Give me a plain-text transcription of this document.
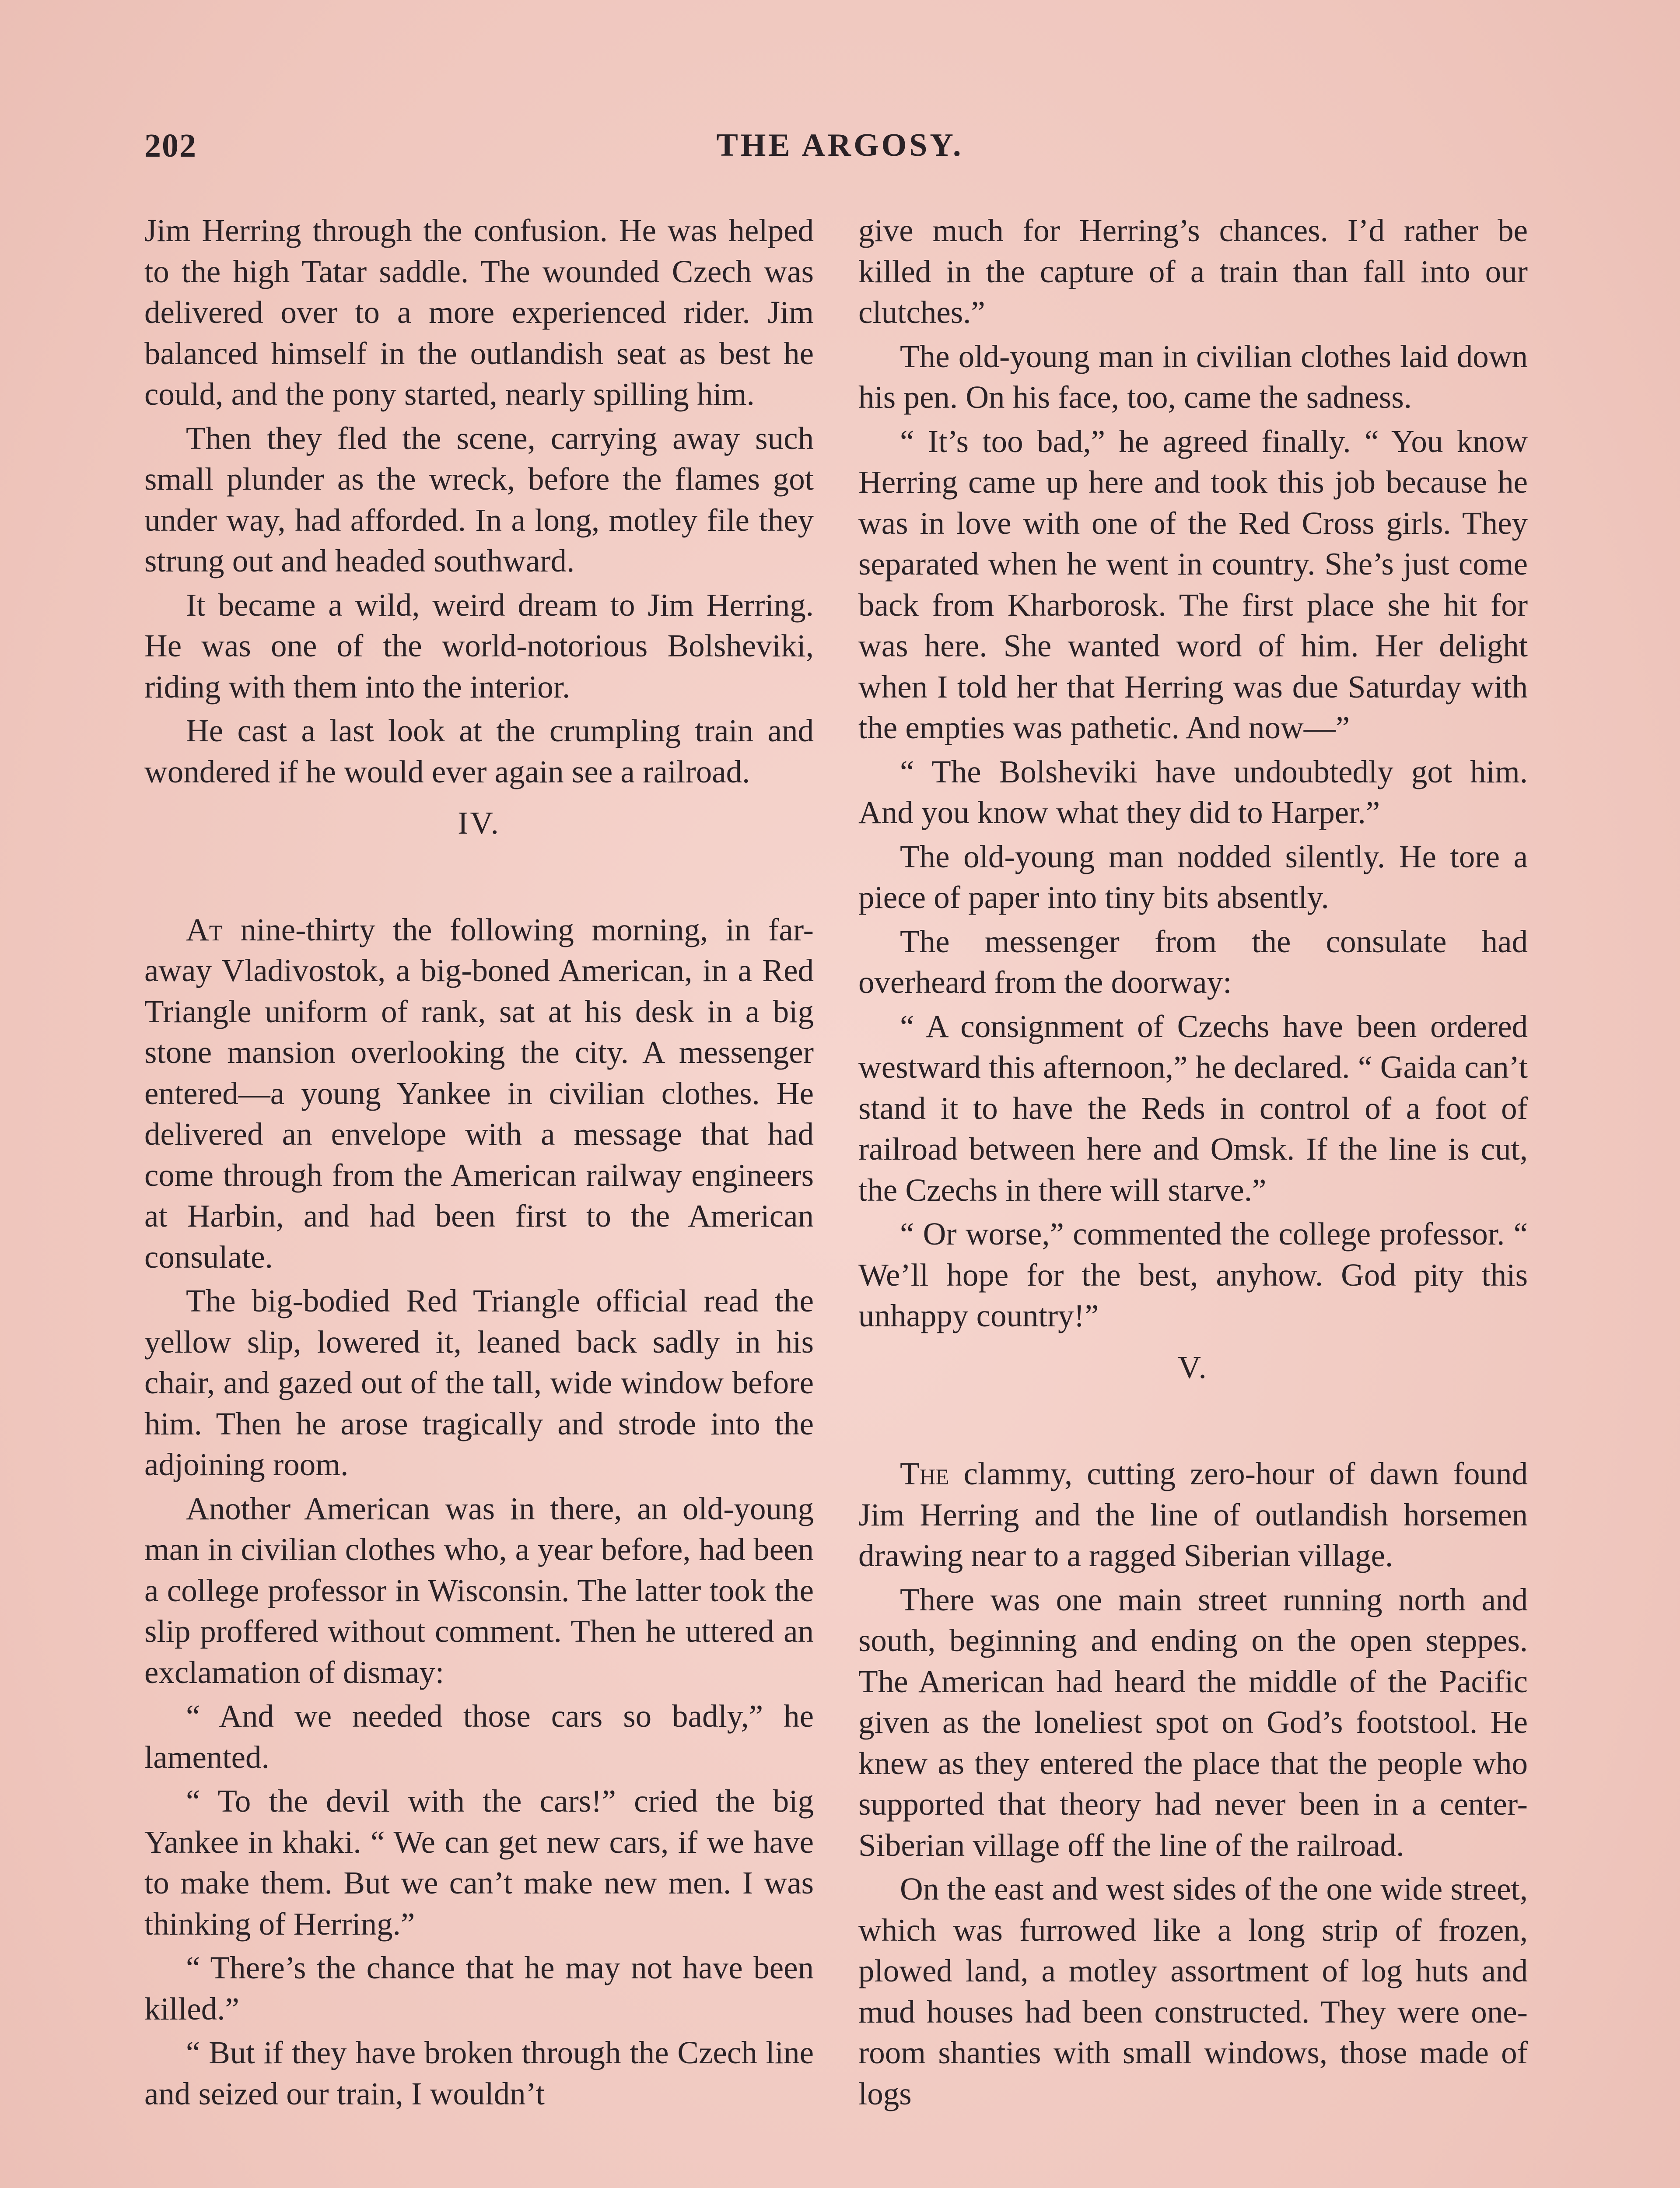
202	THE ARGOSY.

Jim Herring through the confusion. He was helped to the high Tatar saddle. The wounded Czech was delivered over to a more experienced rider. Jim balanced himself in the outlandish seat as best he could, and the pony started, nearly spilling him.

Then they fled the scene, carrying away such small plunder as the wreck, before the flames got under way, had afforded. In a long, motley file they strung out and headed southward.

It became a wild, weird dream to Jim Herring. He was one of the world-notorious Bolsheviki, riding with them into the interior.

He cast a last look at the crumpling train and wondered if he would ever again see a railroad.

IV.

At nine-thirty the following morning, in far-away Vladivostok, a big-boned American, in a Red Triangle uniform of rank, sat at his desk in a big stone mansion overlooking the city. A messenger entered—a young Yankee in civilian clothes. He delivered an envelope with a message that had come through from the American railway engineers at Harbin, and had been first to the American consulate.

The big-bodied Red Triangle official read the yellow slip, lowered it, leaned back sadly in his chair, and gazed out of the tall, wide window before him. Then he arose tragically and strode into the adjoining room.

Another American was in there, an old-young man in civilian clothes who, a year before, had been a college professor in Wisconsin. The latter took the slip proffered without comment. Then he uttered an exclamation of dismay:

“ And we needed those cars so badly,” he lamented.

“ To the devil with the cars!” cried the big Yankee in khaki. “ We can get new cars, if we have to make them. But we can’t make new men. I was thinking of Herring.”

“ There’s the chance that he may not have been killed.”

“ But if they have broken through the Czech line and seized our train, I wouldn’t

give much for Herring’s chances. I’d rather be killed in the capture of a train than fall into our clutches.”

The old-young man in civilian clothes laid down his pen. On his face, too, came the sadness.

“ It’s too bad,” he agreed finally. “ You know Herring came up here and took this job because he was in love with one of the Red Cross girls. They separated when he went in country. She’s just come back from Kharborosk. The first place she hit for was here. She wanted word of him. Her delight when I told her that Herring was due Saturday with the empties was pathetic. And now—”

“ The Bolsheviki have undoubtedly got him. And you know what they did to Harper.”

The old-young man nodded silently. He tore a piece of paper into tiny bits absently.

The messenger from the consulate had overheard from the doorway:

“ A consignment of Czechs have been ordered westward this afternoon,” he declared. “ Gaida can’t stand it to have the Reds in control of a foot of railroad between here and Omsk. If the line is cut, the Czechs in there will starve.”

“ Or worse,” commented the college professor. “ We’ll hope for the best, anyhow. God pity this unhappy country!”

V.

The clammy, cutting zero-hour of dawn found Jim Herring and the line of outlandish horsemen drawing near to a ragged Siberian village.

There was one main street running north and south, beginning and ending on the open steppes. The American had heard the middle of the Pacific given as the loneliest spot on God’s footstool. He knew as they entered the place that the people who supported that theory had never been in a center-Siberian village off the line of the railroad.

On the east and west sides of the one wide street, which was furrowed like a long strip of frozen, plowed land, a motley assortment of log huts and mud houses had been constructed. They were one-room shanties with small windows, those made of logs
